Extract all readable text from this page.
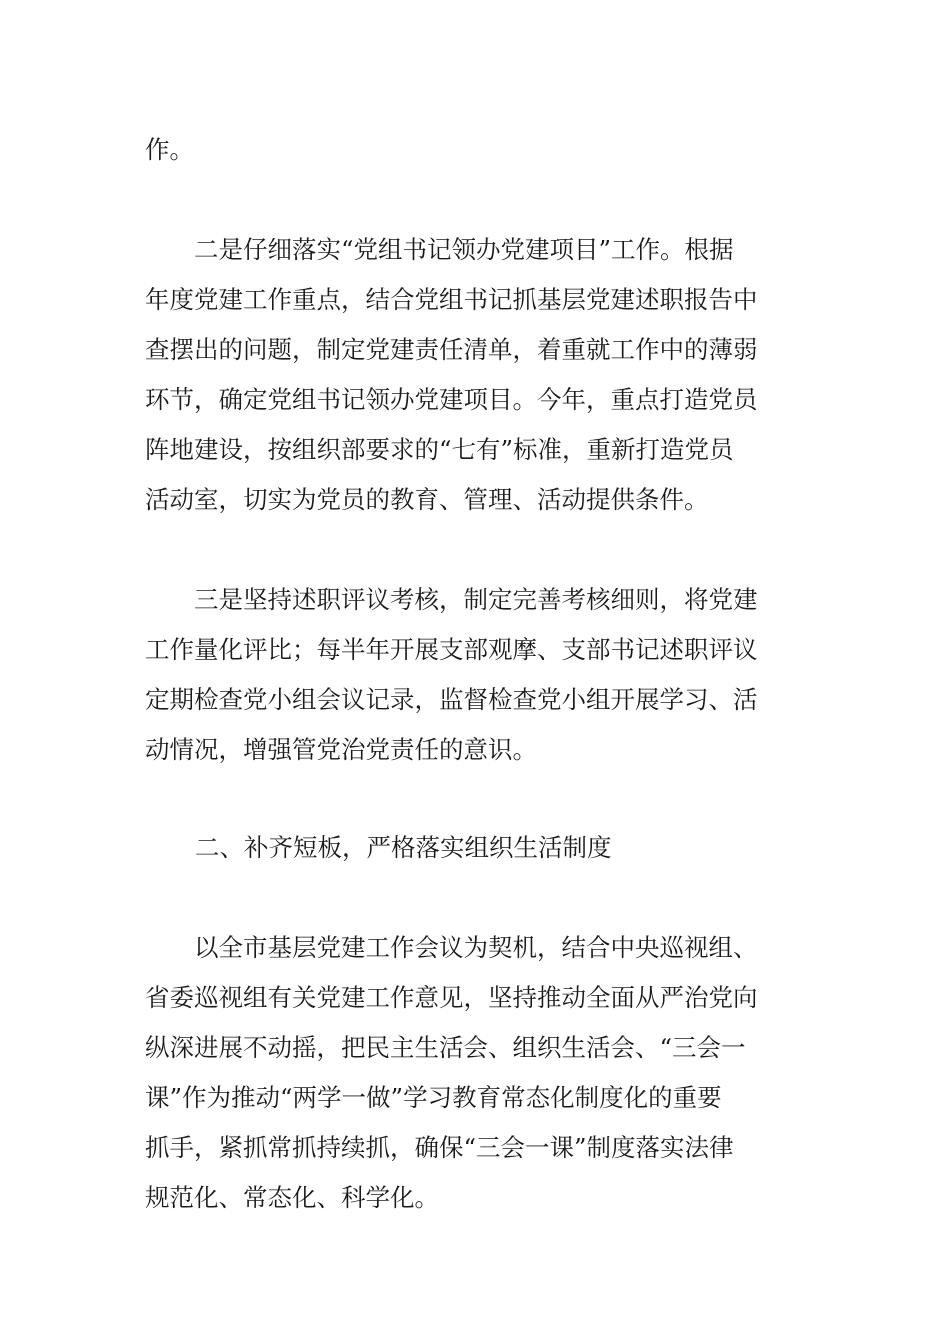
作。
　　二是仔细落实“党组书记领办党建项目”工作。根据
年度党建工作重点，结合党组书记抓基层党建述职报告中
查摆出的问题，制定党建责任清单，着重就工作中的薄弱
环节，确定党组书记领办党建项目。今年，重点打造党员
阵地建设，按组织部要求的“七有”标准，重新打造党员
活动室，切实为党员的教育、管理、活动提供条件。
　　三是坚持述职评议考核，制定完善考核细则，将党建
工作量化评比；每半年开展支部观摩、支部书记述职评议
定期检查党小组会议记录，监督检查党小组开展学习、活
动情况，增强管党治党责任的意识。
二、补齐短板，严格落实组织生活制度
　　以全市基层党建工作会议为契机，结合中央巡视组、
省委巡视组有关党建工作意见，坚持推动全面从严治党向
纵深进展不动摇，把民主生活会、组织生活会、“三会一
课”作为推动“两学一做”学习教育常态化制度化的重要
抓手，紧抓常抓持续抓，确保“三会一课”制度落实法律
规范化、常态化、科学化。
